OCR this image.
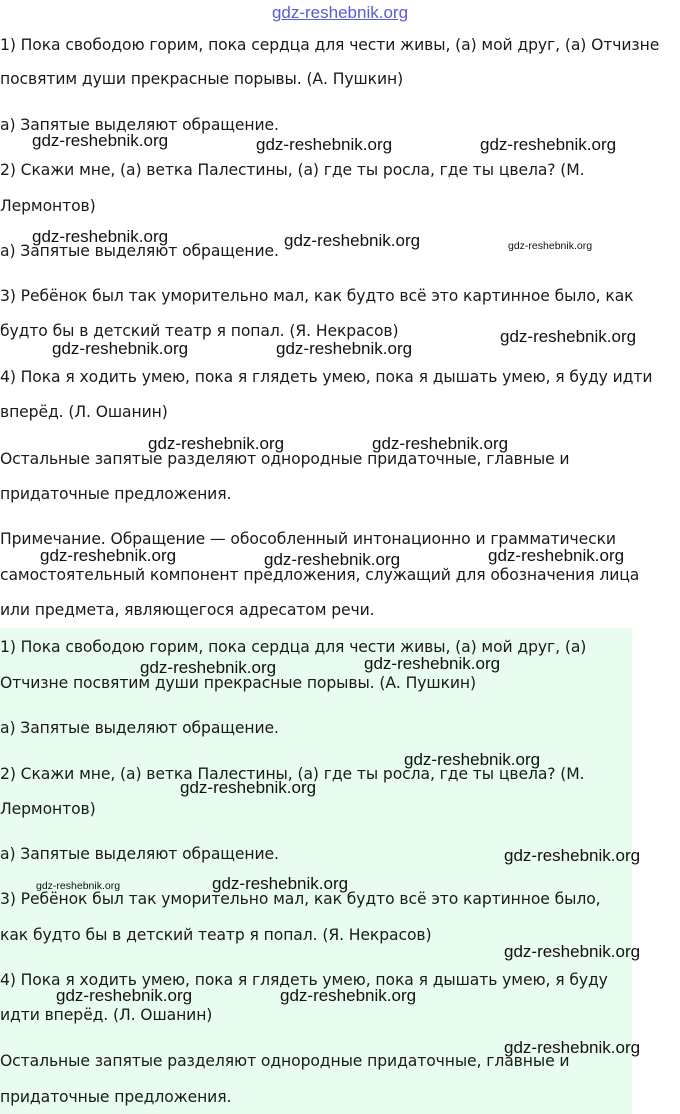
gdz-reshebnik.org
1) Пока свободою горим, пока сердца для чести живы, (а) мой друг, (а) Отчизне
посвятим души прекрасные порывы. (А. Пушкин)
а) Запятые выделяют обращение.
2) Скажи мне, (а) ветка Палестины, (а) где ты росла, где ты цвела? (М.
Лермонтов)
а) Запятые выделяют обращение.
3) Ребёнок был так уморительно мал, как будто всё это картинное было, как
будто бы в детский театр я попал. (Я. Некрасов)
4) Пока я ходить умею, пока я глядеть умею, пока я дышать умею, я буду идти
вперёд. (Л. Ошанин)
Остальные запятые разделяют однородные придаточные, главные и
придаточные предложения.
Примечание. Обращение — обособленный интонационно и грамматически
самостоятельный компонент предложения, служащий для обозначения лица
или предмета, являющегося адресатом речи.
1) Пока свободою горим, пока сердца для чести живы, (а) мой друг, (а)
Отчизне посвятим души прекрасные порывы. (А. Пушкин)
а) Запятые выделяют обращение.
2) Скажи мне, (а) ветка Палестины, (а) где ты росла, где ты цвела? (М.
Лермонтов)
а) Запятые выделяют обращение.
3) Ребёнок был так уморительно мал, как будто всё это картинное было,
как будто бы в детский театр я попал. (Я. Некрасов)
4) Пока я ходить умею, пока я глядеть умею, пока я дышать умею, я буду
идти вперёд. (Л. Ошанин)
Остальные запятые разделяют однородные придаточные, главные и
придаточные предложения.
gdz-reshebnik.org	gdz-reshebnik.org	gdz-reshebnik.org
gdz-reshebnik.org	gdz-reshebnik.org	gdz-reshebnik.org
gdz-reshebnik.org
gdz-reshebnik.org	gdz-reshebnik.org
gdz-reshebnik.org	gdz-reshebnik.org
gdz-reshebnik.org	gdz-reshebnik.org	gdz-reshebnik.org
gdz-reshebnik.org	gdz-reshebnik.org
gdz-reshebnik.org
gdz-reshebnik.org
gdz-reshebnik.org
gdz-reshebnik.org	gdz-reshebnik.org
gdz-reshebnik.org
gdz-reshebnik.org	gdz-reshebnik.org
gdz-reshebnik.org
